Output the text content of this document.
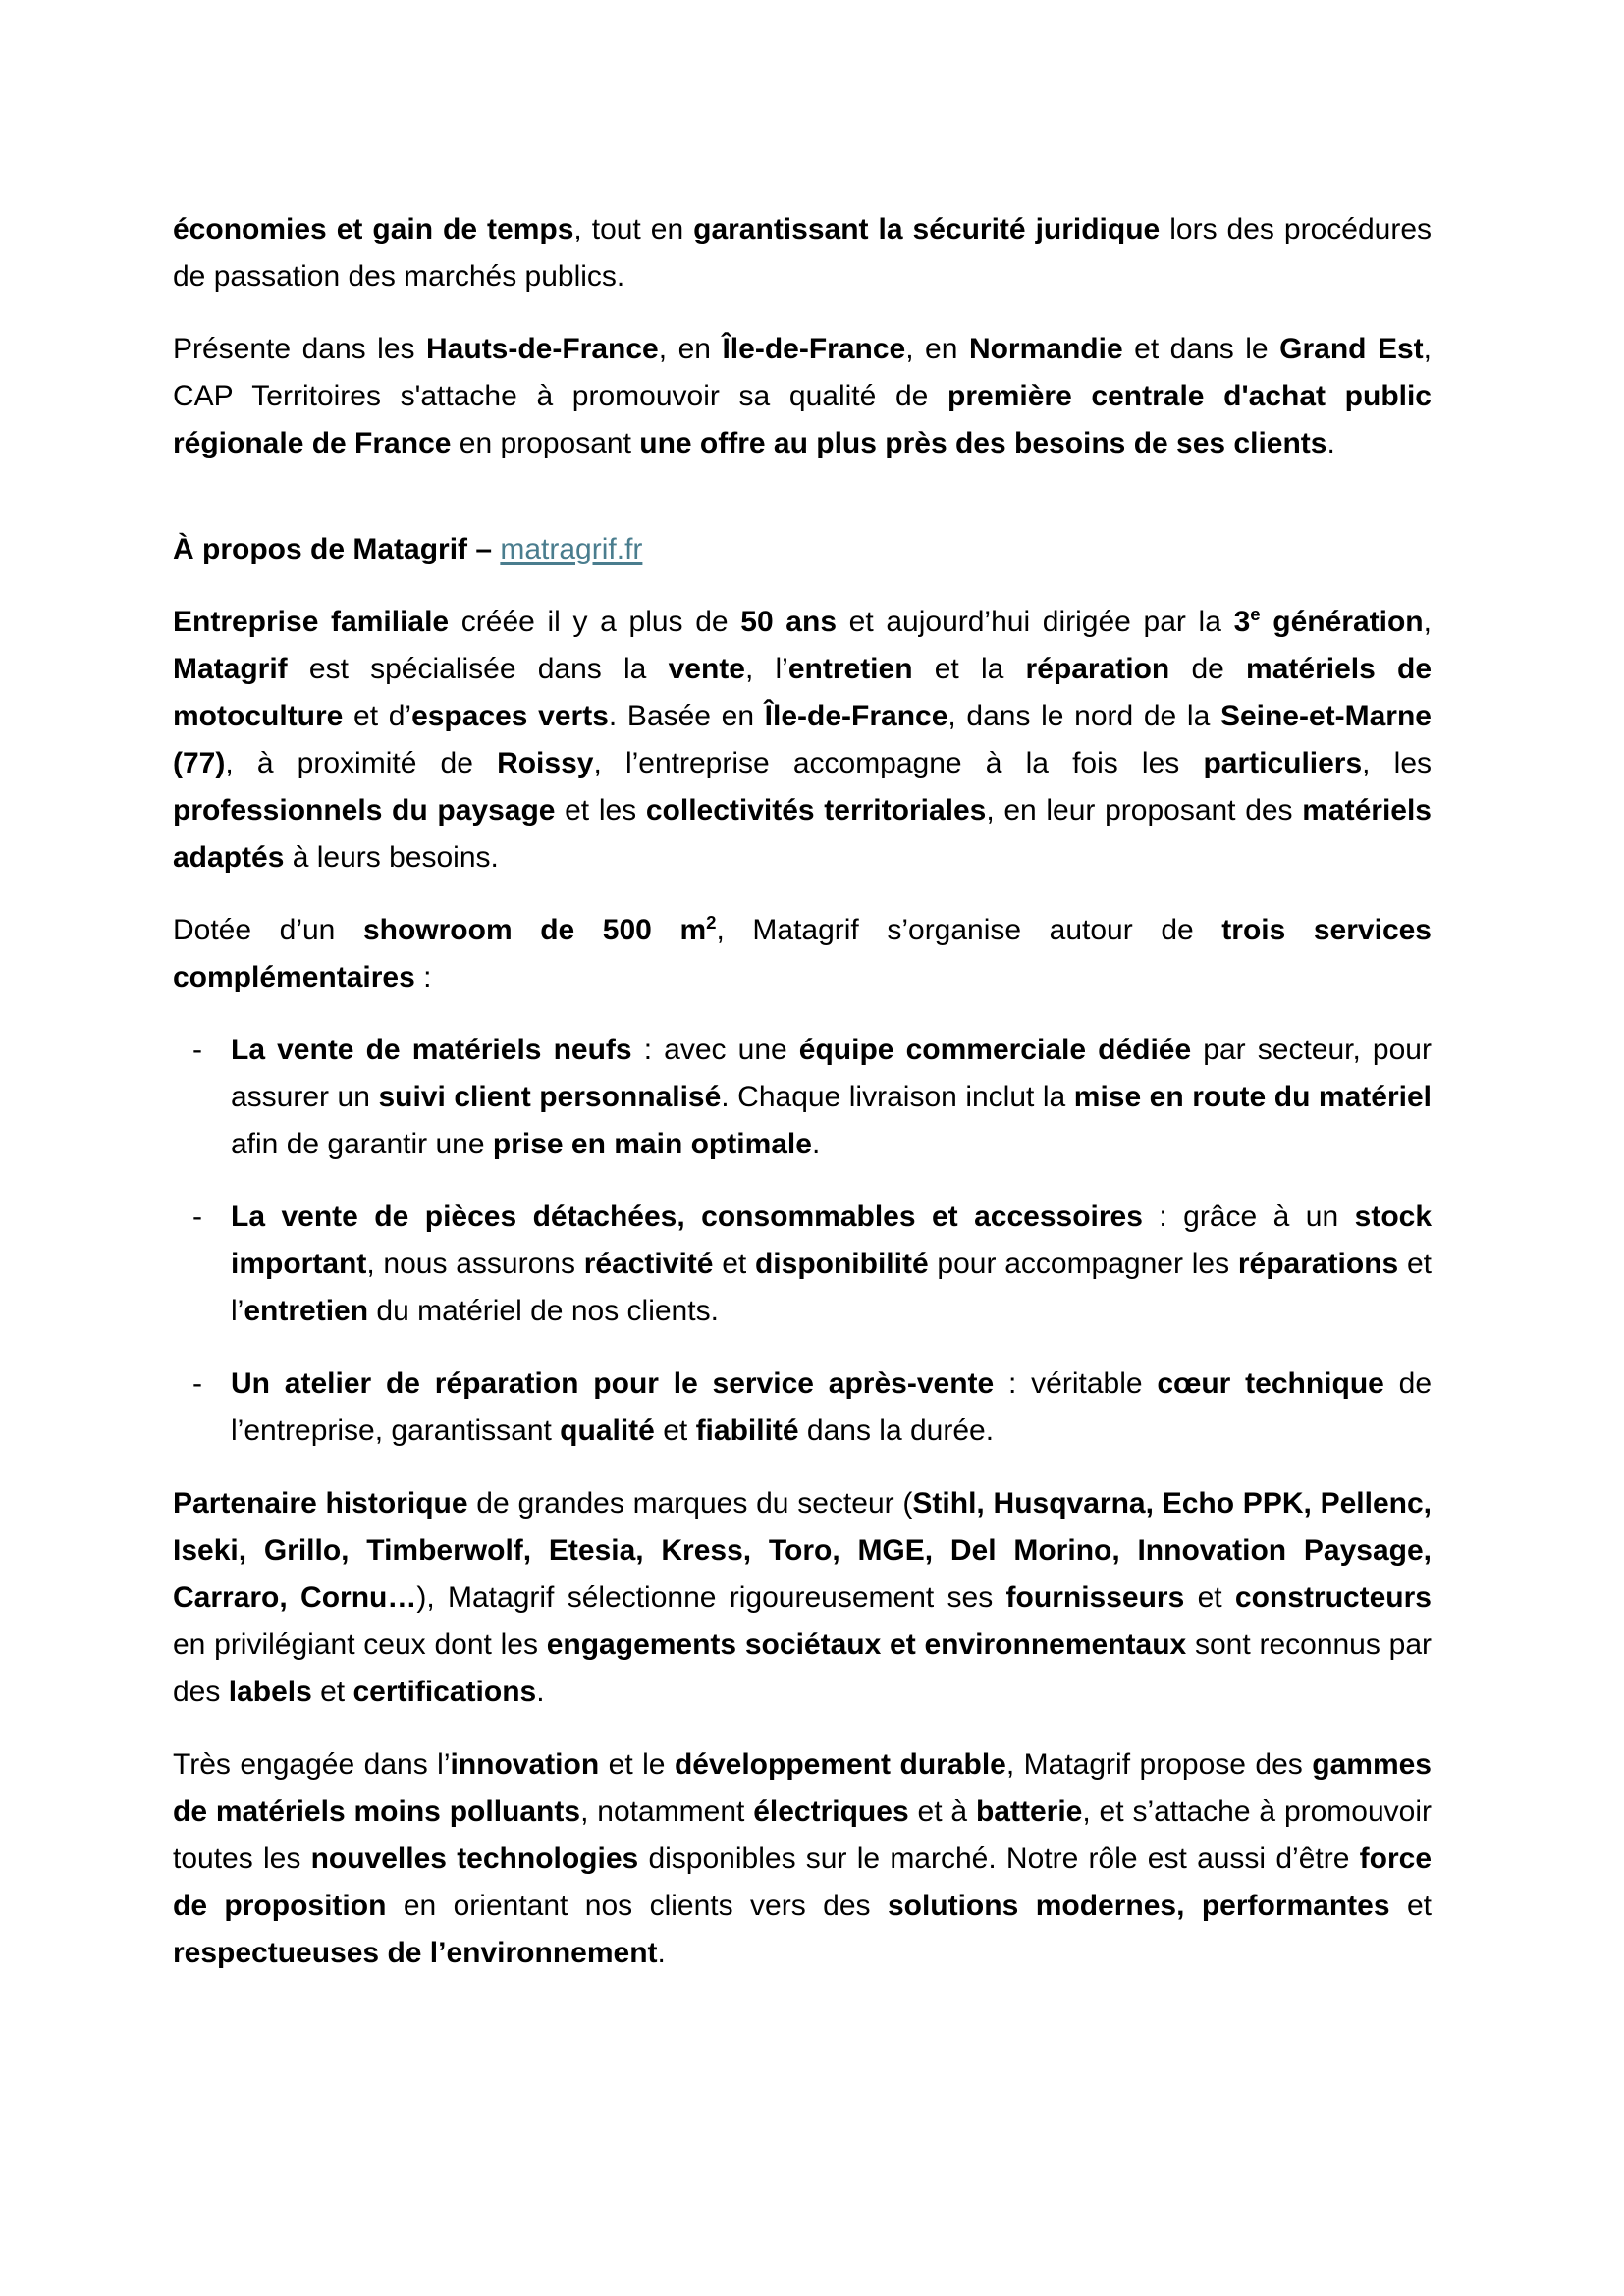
économies et gain de temps, tout en garantissant la sécurité juridique lors des procédures de passation des marchés publics.

Présente dans les Hauts-de-France, en Île-de-France, en Normandie et dans le Grand Est, CAP Territoires s'attache à promouvoir sa qualité de première centrale d'achat public régionale de France en proposant une offre au plus près des besoins de ses clients.

À propos de Matagrif – matragrif.fr

Entreprise familiale créée il y a plus de 50 ans et aujourd’hui dirigée par la 3e génération, Matagrif est spécialisée dans la vente, l’entretien et la réparation de matériels de motoculture et d’espaces verts. Basée en Île-de-France, dans le nord de la Seine-et-Marne (77), à proximité de Roissy, l’entreprise accompagne à la fois les particuliers, les professionnels du paysage et les collectivités territoriales, en leur proposant des matériels adaptés à leurs besoins.

Dotée d’un showroom de 500 $m^2$, Matagrif s’organise autour de trois services complémentaires :

- La vente de matériels neufs : avec une équipe commerciale dédiée par secteur, pour assurer un suivi client personnalisé. Chaque livraison inclut la mise en route du matériel afin de garantir une prise en main optimale.
- La vente de pièces détachées, consommables et accessoires : grâce à un stock important, nous assurons réactivité et disponibilité pour accompagner les réparations et l’entretien du matériel de nos clients.
- Un atelier de réparation pour le service après-vente : véritable cœur technique de l’entreprise, garantissant qualité et fiabilité dans la durée.

Partenaire historique de grandes marques du secteur (Stihl, Husqvarna, Echo PPK, Pellenc, Iseki, Grillo, Timberwolf, Etesia, Kress, Toro, MGE, Del Morino, Innovation Paysage, Carraro, Cornu…), Matagrif sélectionne rigoureusement ses fournisseurs et constructeurs en privilégiant ceux dont les engagements sociétaux et environnementaux sont reconnus par des labels et certifications.

Très engagée dans l’innovation et le développement durable, Matagrif propose des gammes de matériels moins polluants, notamment électriques et à batterie, et s’attache à promouvoir toutes les nouvelles technologies disponibles sur le marché. Notre rôle est aussi d’être force de proposition en orientant nos clients vers des solutions modernes, performantes et respectueuses de l’environnement.
